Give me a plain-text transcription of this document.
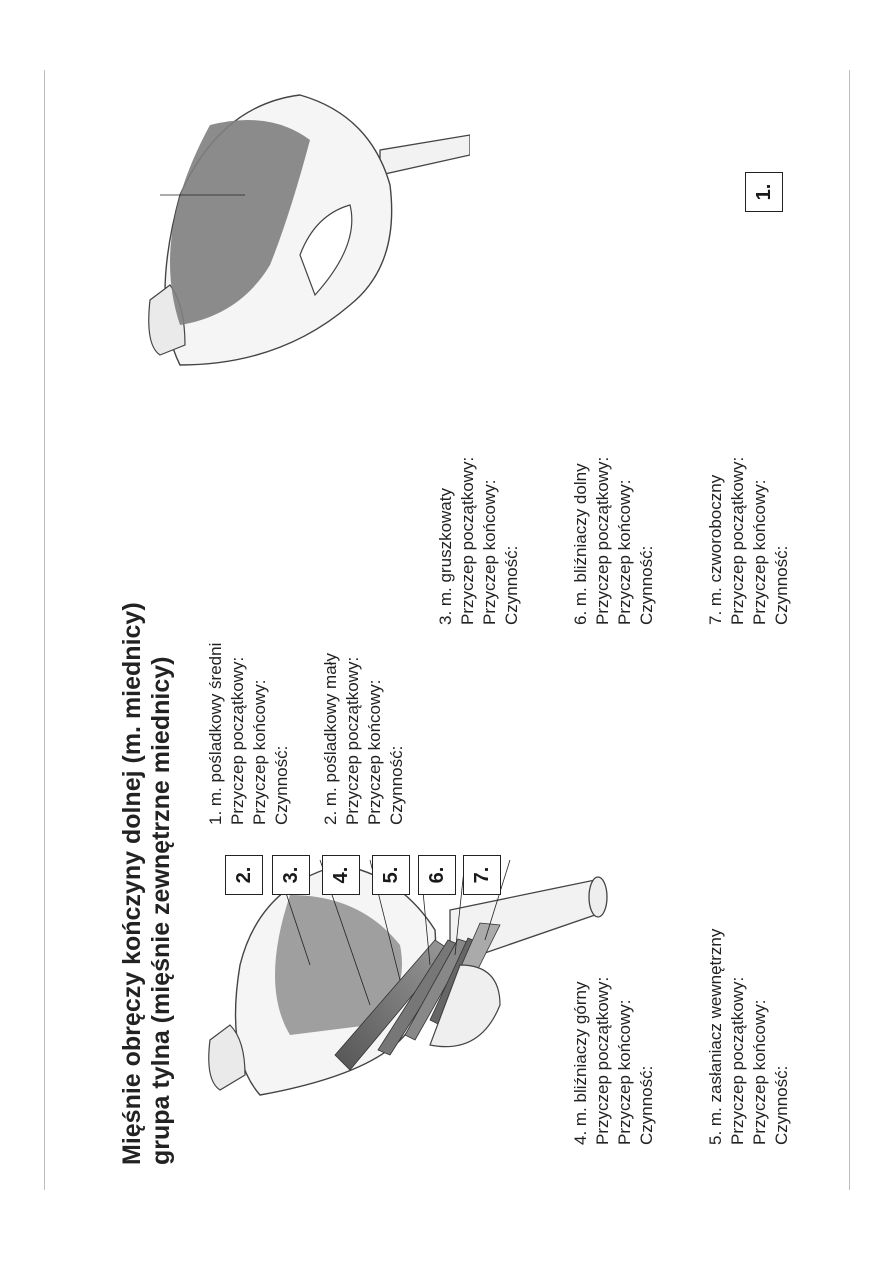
Mięśnie obręczy kończyny dolnej (m. miednicy) grupa tylna (mięśnie zewnętrzne miednicy)	2.	3.	4.	5.	6.	7.
1.
1. m. pośladkowy średni Przyczep początkowy: Przyczep końcowy: Czynność: 2. m. pośladkowy mały Przyczep początkowy: Przyczep końcowy: Czynność:
3. m. gruszkowaty Przyczep początkowy: Przyczep końcowy: Czynność:
4. m. bliźniaczy górny Przyczep początkowy: Przyczep końcowy: Czynność:
6. m. bliźniaczy dolny Przyczep początkowy: Przyczep końcowy: Czynność:
5. m. zasłaniacz wewnętrzny Przyczep początkowy: Przyczep końcowy: Czynność:
7. m. czworoboczny Przyczep początkowy: Przyczep końcowy: Czynność:
